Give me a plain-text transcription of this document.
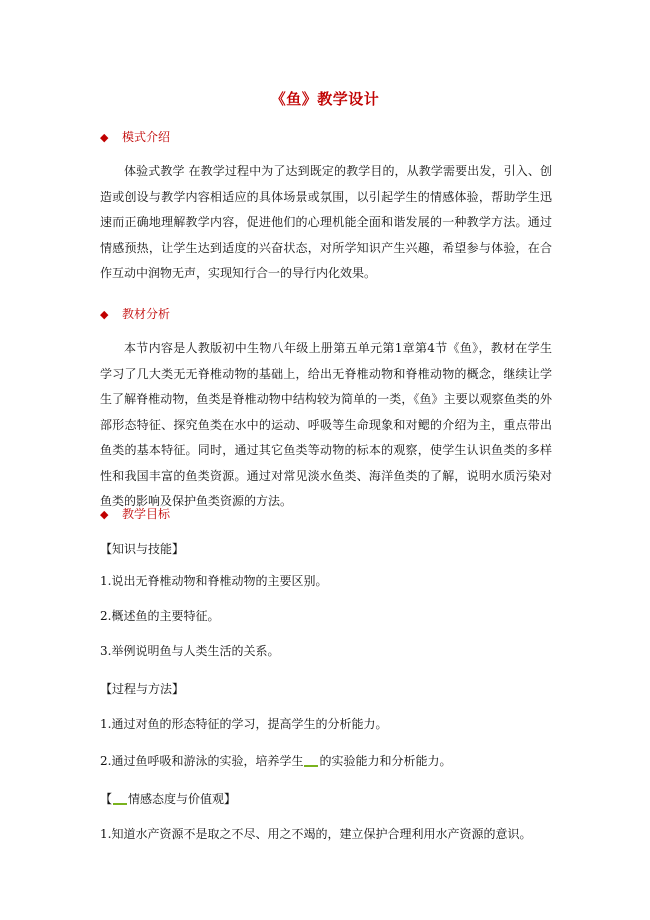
《鱼》教学设计
◆ 模式介绍
体验式教学 在教学过程中为了达到既定的教学目的，从教学需要出发，引入、创造或创设与教学内容相适应的具体场景或氛围，以引起学生的情感体验，帮助学生迅速而正确地理解教学内容，促进他们的心理机能全面和谐发展的一种教学方法。通过情感预热，让学生达到适度的兴奋状态，对所学知识产生兴趣，希望参与体验，在合作互动中润物无声，实现知行合一的导行内化效果。
◆ 教材分析
本节内容是人教版初中生物八年级上册第五单元第1章第4节《鱼》，教材在学生学习了几大类无无脊椎动物的基础上，给出无脊椎动物和脊椎动物的概念，继续让学生了解脊椎动物，鱼类是脊椎动物中结构较为简单的一类，《鱼》主要以观察鱼类的外部形态特征、探究鱼类在水中的运动、呼吸等生命现象和对鳃的介绍为主，重点带出鱼类的基本特征。同时，通过其它鱼类等动物的标本的观察，使学生认识鱼类的多样性和我国丰富的鱼类资源。通过对常见淡水鱼类、海洋鱼类的了解，说明水质污染对鱼类的影响及保护鱼类资源的方法。
◆ 教学目标
【知识与技能】
1.说出无脊椎动物和脊椎动物的主要区别。
2.概述鱼的主要特征。
3.举例说明鱼与人类生活的关系。
【过程与方法】
1.通过对鱼的形态特征的学习，提高学生的分析能力。
2.通过鱼呼吸和游泳的实验，培养学生 的实验能力和分析能力。
【 情感态度与价值观】
1.知道水产资源不是取之不尽、用之不竭的，建立保护合理利用水产资源的意识。
